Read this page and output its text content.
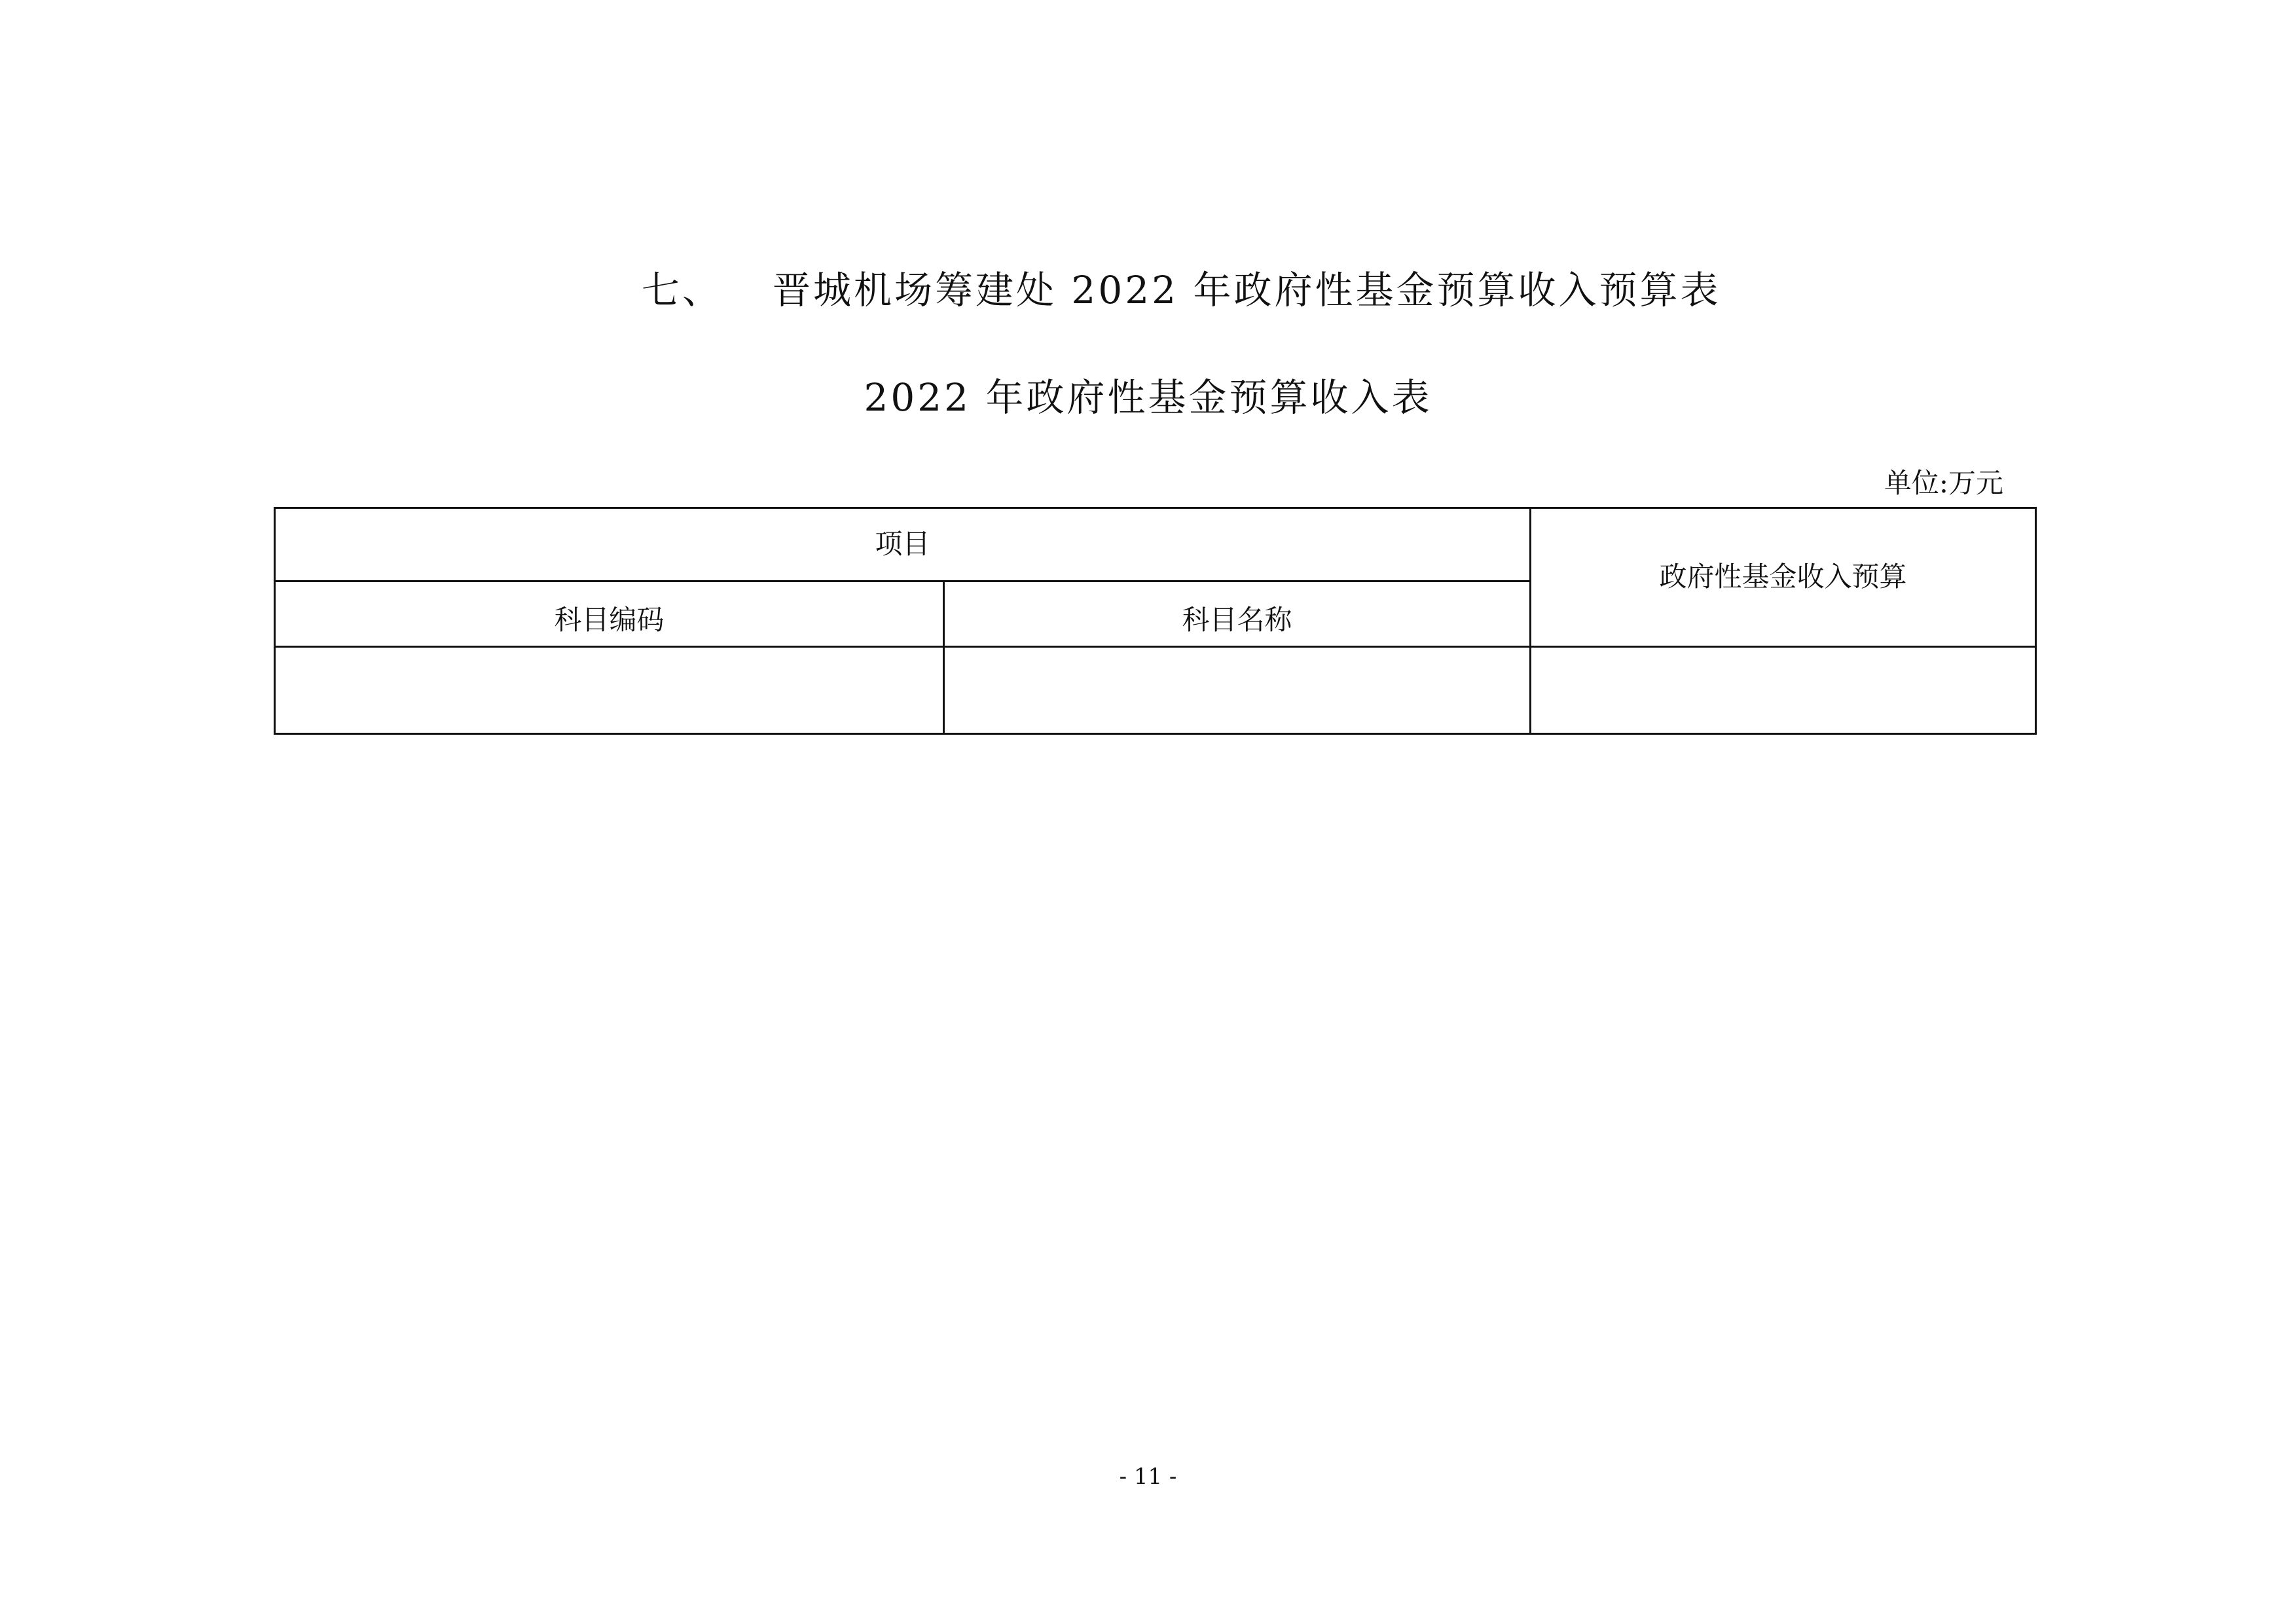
七、 晋城机场筹建处 2022 年政府性基金预算收入预算表
2022 年政府性基金预算收入表
单位:万元
项目		政府性基金收入预算
科目编码	科目名称	

- 11 -
